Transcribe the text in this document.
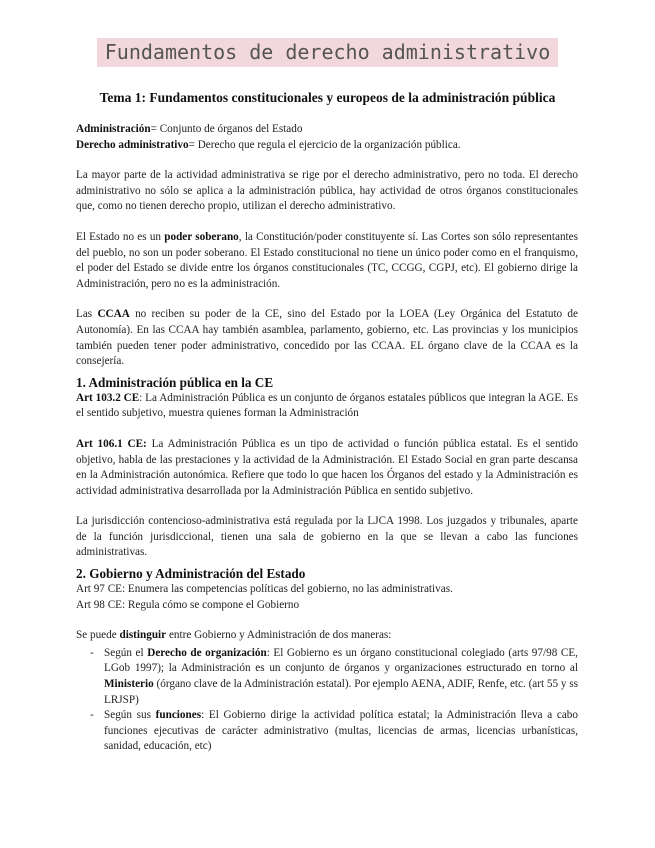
Fundamentos de derecho administrativo
Tema 1: Fundamentos constitucionales y europeos de la administración pública

Administración= Conjunto de órganos del Estado

Derecho administrativo= Derecho que regula el ejercicio de la organización pública.

La mayor parte de la actividad administrativa se rige por el derecho administrativo, pero no toda. El derecho administrativo no sólo se aplica a la administración pública, hay actividad de otros órganos constitucionales que, como no tienen derecho propio, utilizan el derecho administrativo.

El Estado no es un poder soberano, la Constitución/poder constituyente sí. Las Cortes son sólo representantes del pueblo, no son un poder soberano. El Estado constitucional no tiene un único poder como en el franquismo, el poder del Estado se divide entre los órganos constitucionales (TC, CCGG, CGPJ, etc). El gobierno dirige la Administración, pero no es la administración.

Las CCAA no reciben su poder de la CE, sino del Estado por la LOEA (Ley Orgánica del Estatuto de Autonomía). En las CCAA hay también asamblea, parlamento, gobierno, etc. Las provincias y los municipios también pueden tener poder administrativo, concedido por las CCAA. EL órgano clave de la CCAA es la consejería.

1. Administración pública en la CE

Art 103.2 CE: La Administración Pública es un conjunto de órganos estatales públicos que integran la AGE. Es el sentido subjetivo, muestra quienes forman la Administración

Art 106.1 CE: La Administración Pública es un tipo de actividad o función pública estatal. Es el sentido objetivo, habla de las prestaciones y la actividad de la Administración. El Estado Social en gran parte descansa en la Administración autonómica. Refiere que todo lo que hacen los Órganos del estado y la Administración es actividad administrativa desarrollada por la Administración Pública en sentido subjetivo.

La jurisdicción contencioso-administrativa está regulada por la LJCA 1998. Los juzgados y tribunales, aparte de la función jurisdiccional, tienen una sala de gobierno en la que se llevan a cabo las funciones administrativas.

2. Gobierno y Administración del Estado

Art 97 CE: Enumera las competencias políticas del gobierno, no las administrativas.

Art 98 CE: Regula cómo se compone el Gobierno

Se puede distinguir entre Gobierno y Administración de dos maneras:

- Según el Derecho de organización: El Gobierno es un órgano constitucional colegiado (arts 97/98 CE, LGob 1997); la Administración es un conjunto de órganos y organizaciones estructurado en torno al Ministerio (órgano clave de la Administración estatal). Por ejemplo AENA, ADIF, Renfe, etc. (art 55 y ss LRJSP)
- Según sus funciones: El Gobierno dirige la actividad política estatal; la Administración lleva a cabo funciones ejecutivas de carácter administrativo (multas, licencias de armas, licencias urbanísticas, sanidad, educación, etc)
